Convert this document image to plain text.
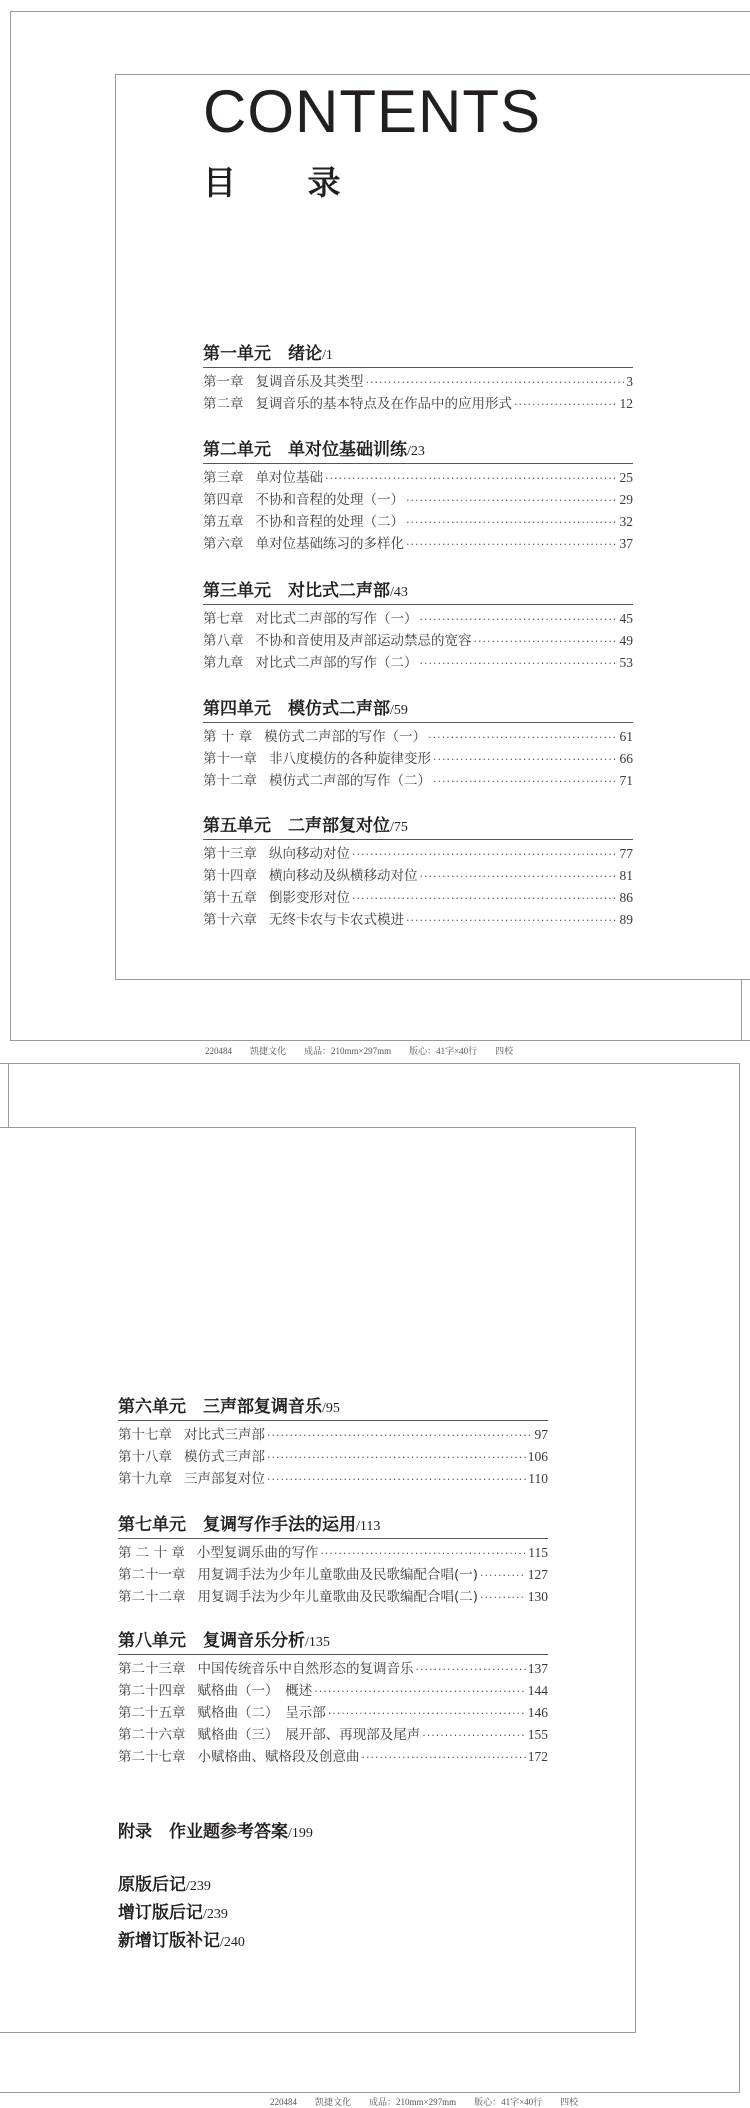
CONTENTS
目 录
第一单元　绪论/1
第一章 复调音乐及其类型 ·····	3
第二章 复调音乐的基本特点及在作品中的应用形式 ·····	12
第二单元　单对位基础训练/23
第三章 单对位基础 ·····	25
第四章 不协和音程的处理（一） ·····	29
第五章 不协和音程的处理（二） ·····	32
第六章 单对位基础练习的多样化 ·····	37
第三单元　对比式二声部/43
第七章 对比式二声部的写作（一） ·····	45
第八章 不协和音使用及声部运动禁忌的宽容 ·····	49
第九章 对比式二声部的写作（二） ·····	53
第四单元　模仿式二声部/59
第 十 章 模仿式二声部的写作（一） ·····	61
第十一章 非八度模仿的各种旋律变形 ·····	66
第十二章 模仿式二声部的写作（二） ·····	71
第五单元　二声部复对位/75
第十三章 纵向移动对位 ·····	77
第十四章 横向移动及纵横移动对位 ·····	81
第十五章 倒影变形对位 ·····	86
第十六章 无终卡农与卡农式模进 ·····	89
220484 凯捷文化 成品：210mm×297mm 版心：41字×40行 四校
第六单元　三声部复调音乐/95
第十七章 对比式三声部 ·····	97
第十八章 模仿式三声部 ·····	106
第十九章 三声部复对位 ·····	110
第七单元　复调写作手法的运用/113
第 二 十 章 小型复调乐曲的写作 ·····	115
第二十一章 用复调手法为少年儿童歌曲及民歌编配合唱(一) ·····	127
第二十二章 用复调手法为少年儿童歌曲及民歌编配合唱(二) ·····	130
第八单元　复调音乐分析/135
第二十三章 中国传统音乐中自然形态的复调音乐 ·····	137
第二十四章 赋格曲（一）　概述 ·····	144
第二十五章 赋格曲（二）　呈示部 ·····	146
第二十六章 赋格曲（三）　展开部、再现部及尾声 ·····	155
第二十七章 小赋格曲、赋格段及创意曲 ·····	172
附录　作业题参考答案/199
原版后记/239
增订版后记/239
新增订版补记/240
220484 凯捷文化 成品：210mm×297mm 版心：41字×40行 四校
